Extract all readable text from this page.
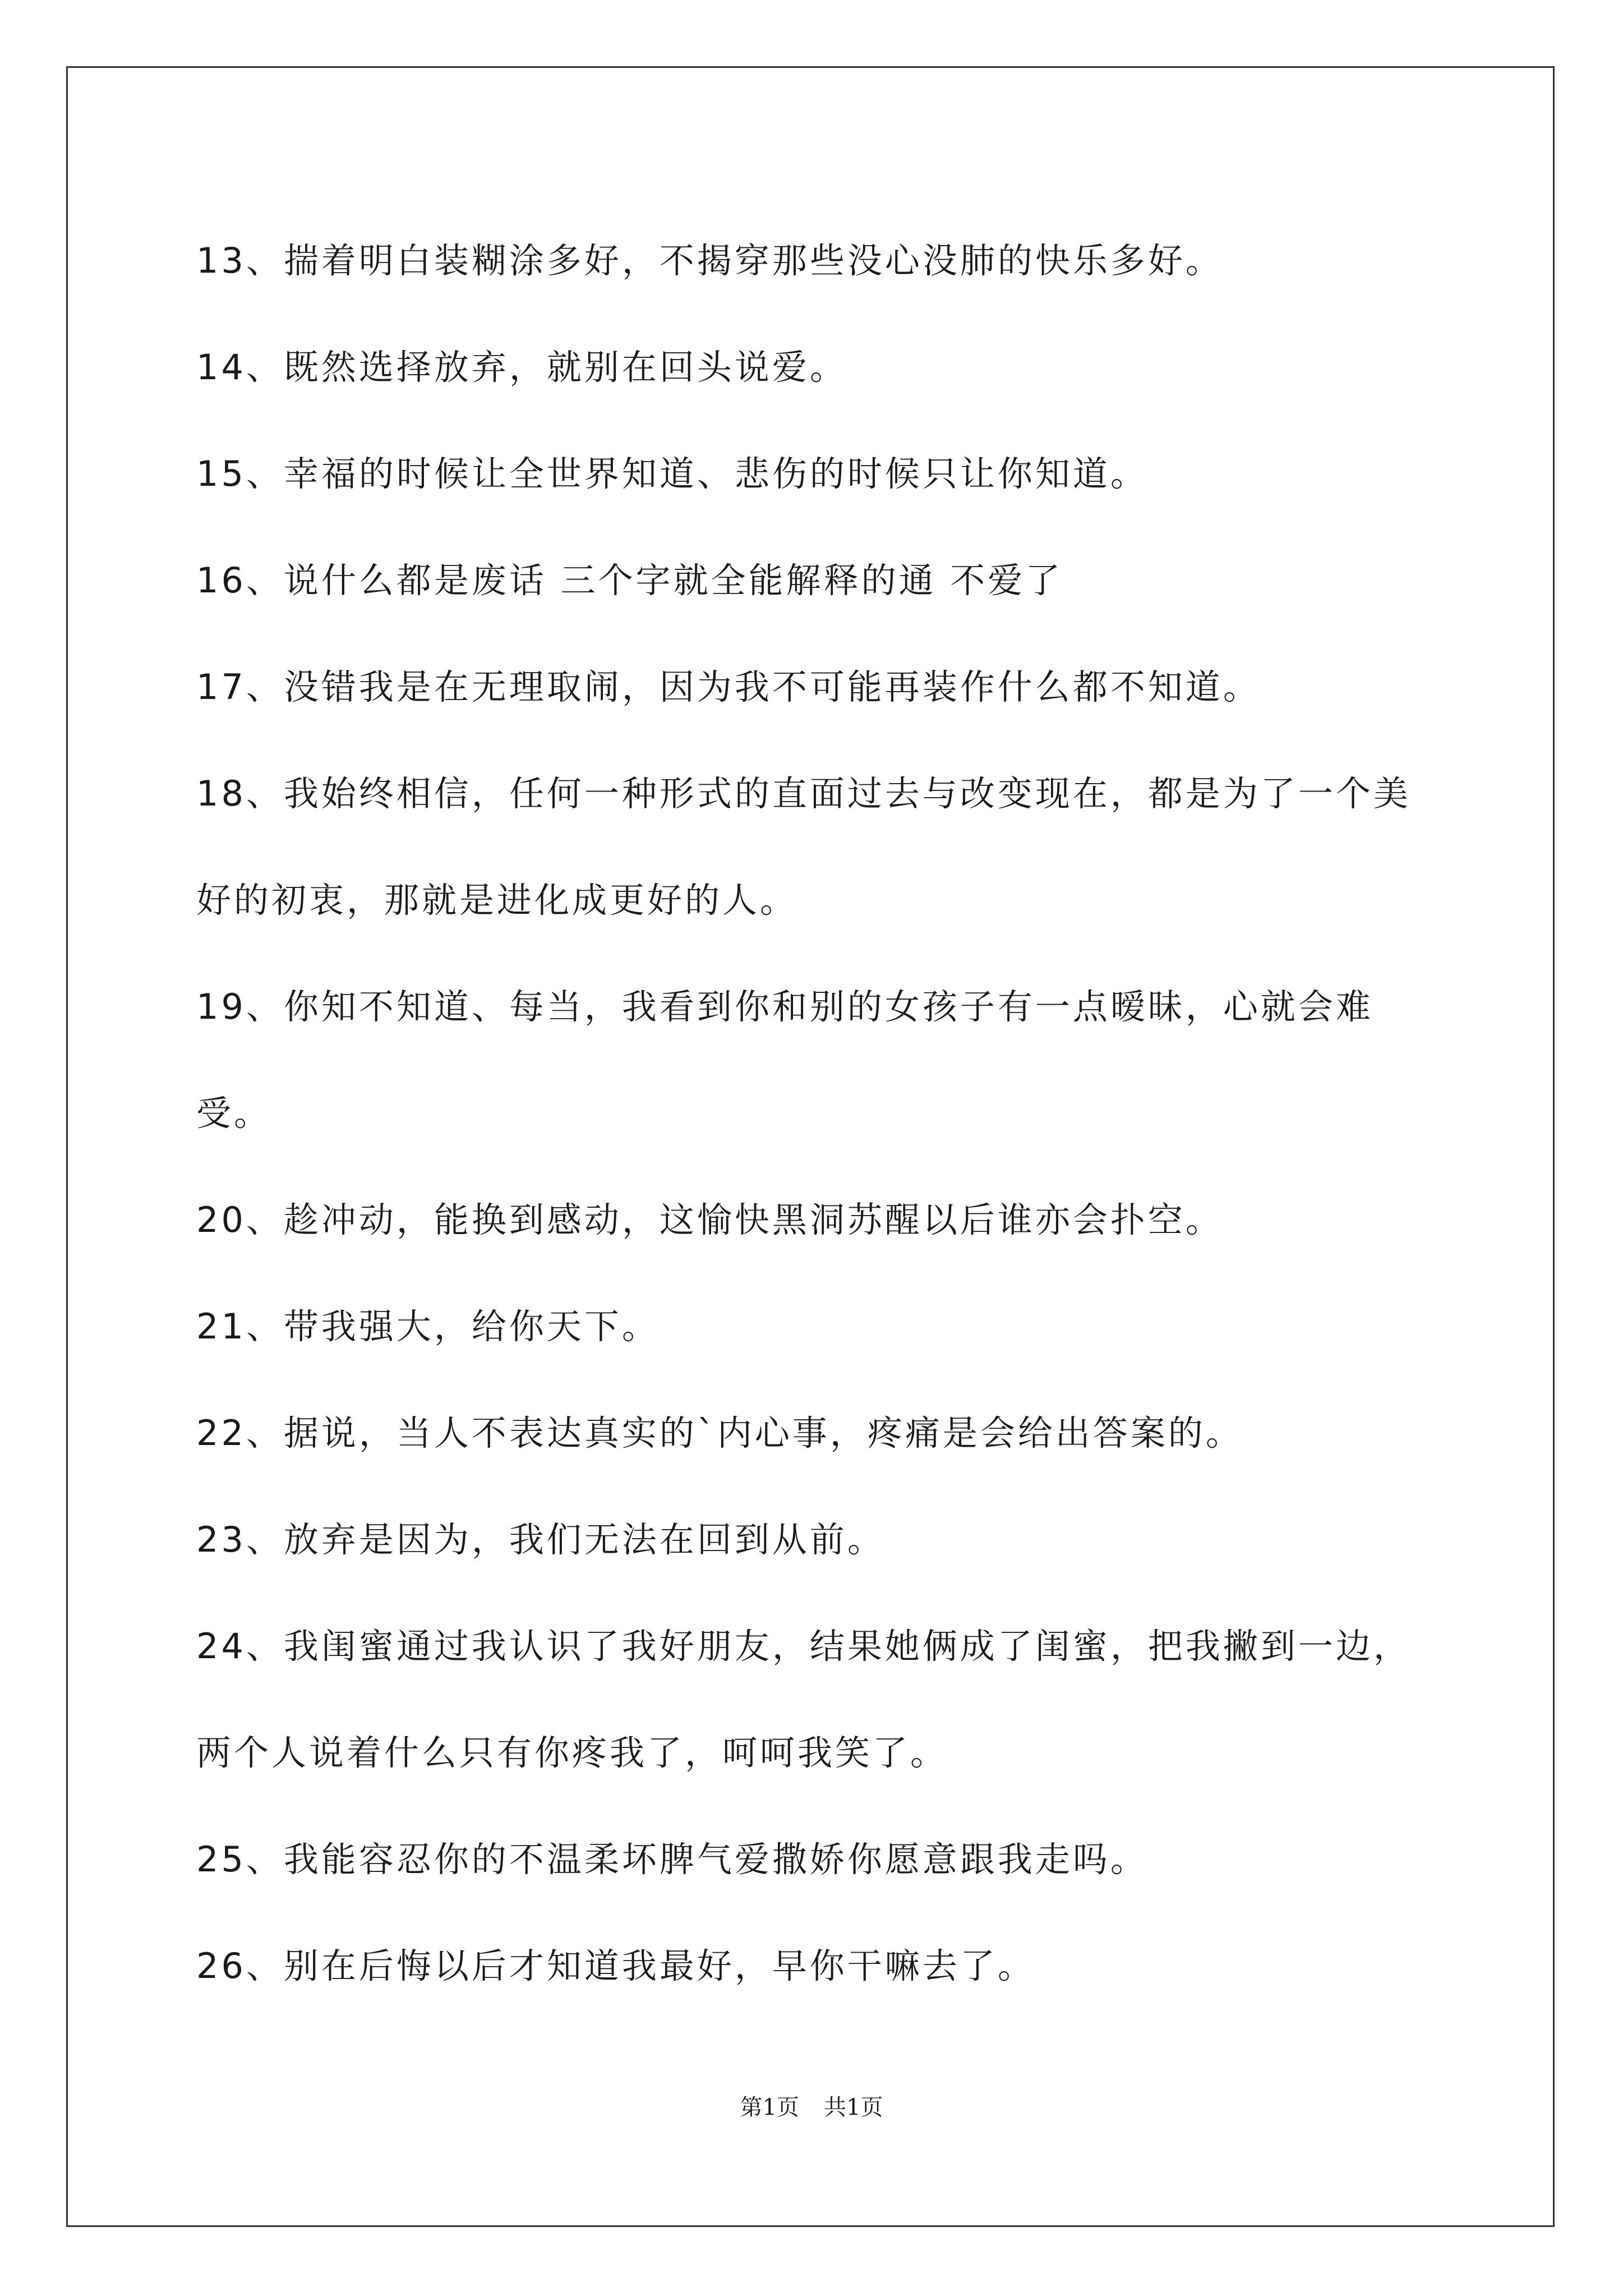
13、揣着明白装糊涂多好，不揭穿那些没心没肺的快乐多好。
14、既然选择放弃，就别在回头说爱。
15、幸福的时候让全世界知道、悲伤的时候只让你知道。
16、说什么都是废话 三个字就全能解释的通 不爱了
17、没错我是在无理取闹，因为我不可能再装作什么都不知道。
18、我始终相信，任何一种形式的直面过去与改变现在，都是为了一个美好的初衷，那就是进化成更好的人。
19、你知不知道、每当，我看到你和别的女孩子有一点暧昧，心就会难受。
20、趁冲动，能换到感动，这愉快黑洞苏醒以后谁亦会扑空。
21、带我强大，给你天下。
22、据说，当人不表达真实的`内心事，疼痛是会给出答案的。
23、放弃是因为，我们无法在回到从前。
24、我闺蜜通过我认识了我好朋友，结果她俩成了闺蜜，把我撇到一边，两个人说着什么只有你疼我了，呵呵我笑了。
25、我能容忍你的不温柔坏脾气爱撒娇你愿意跟我走吗。
26、别在后悔以后才知道我最好，早你干嘛去了。
第1页 共1页
